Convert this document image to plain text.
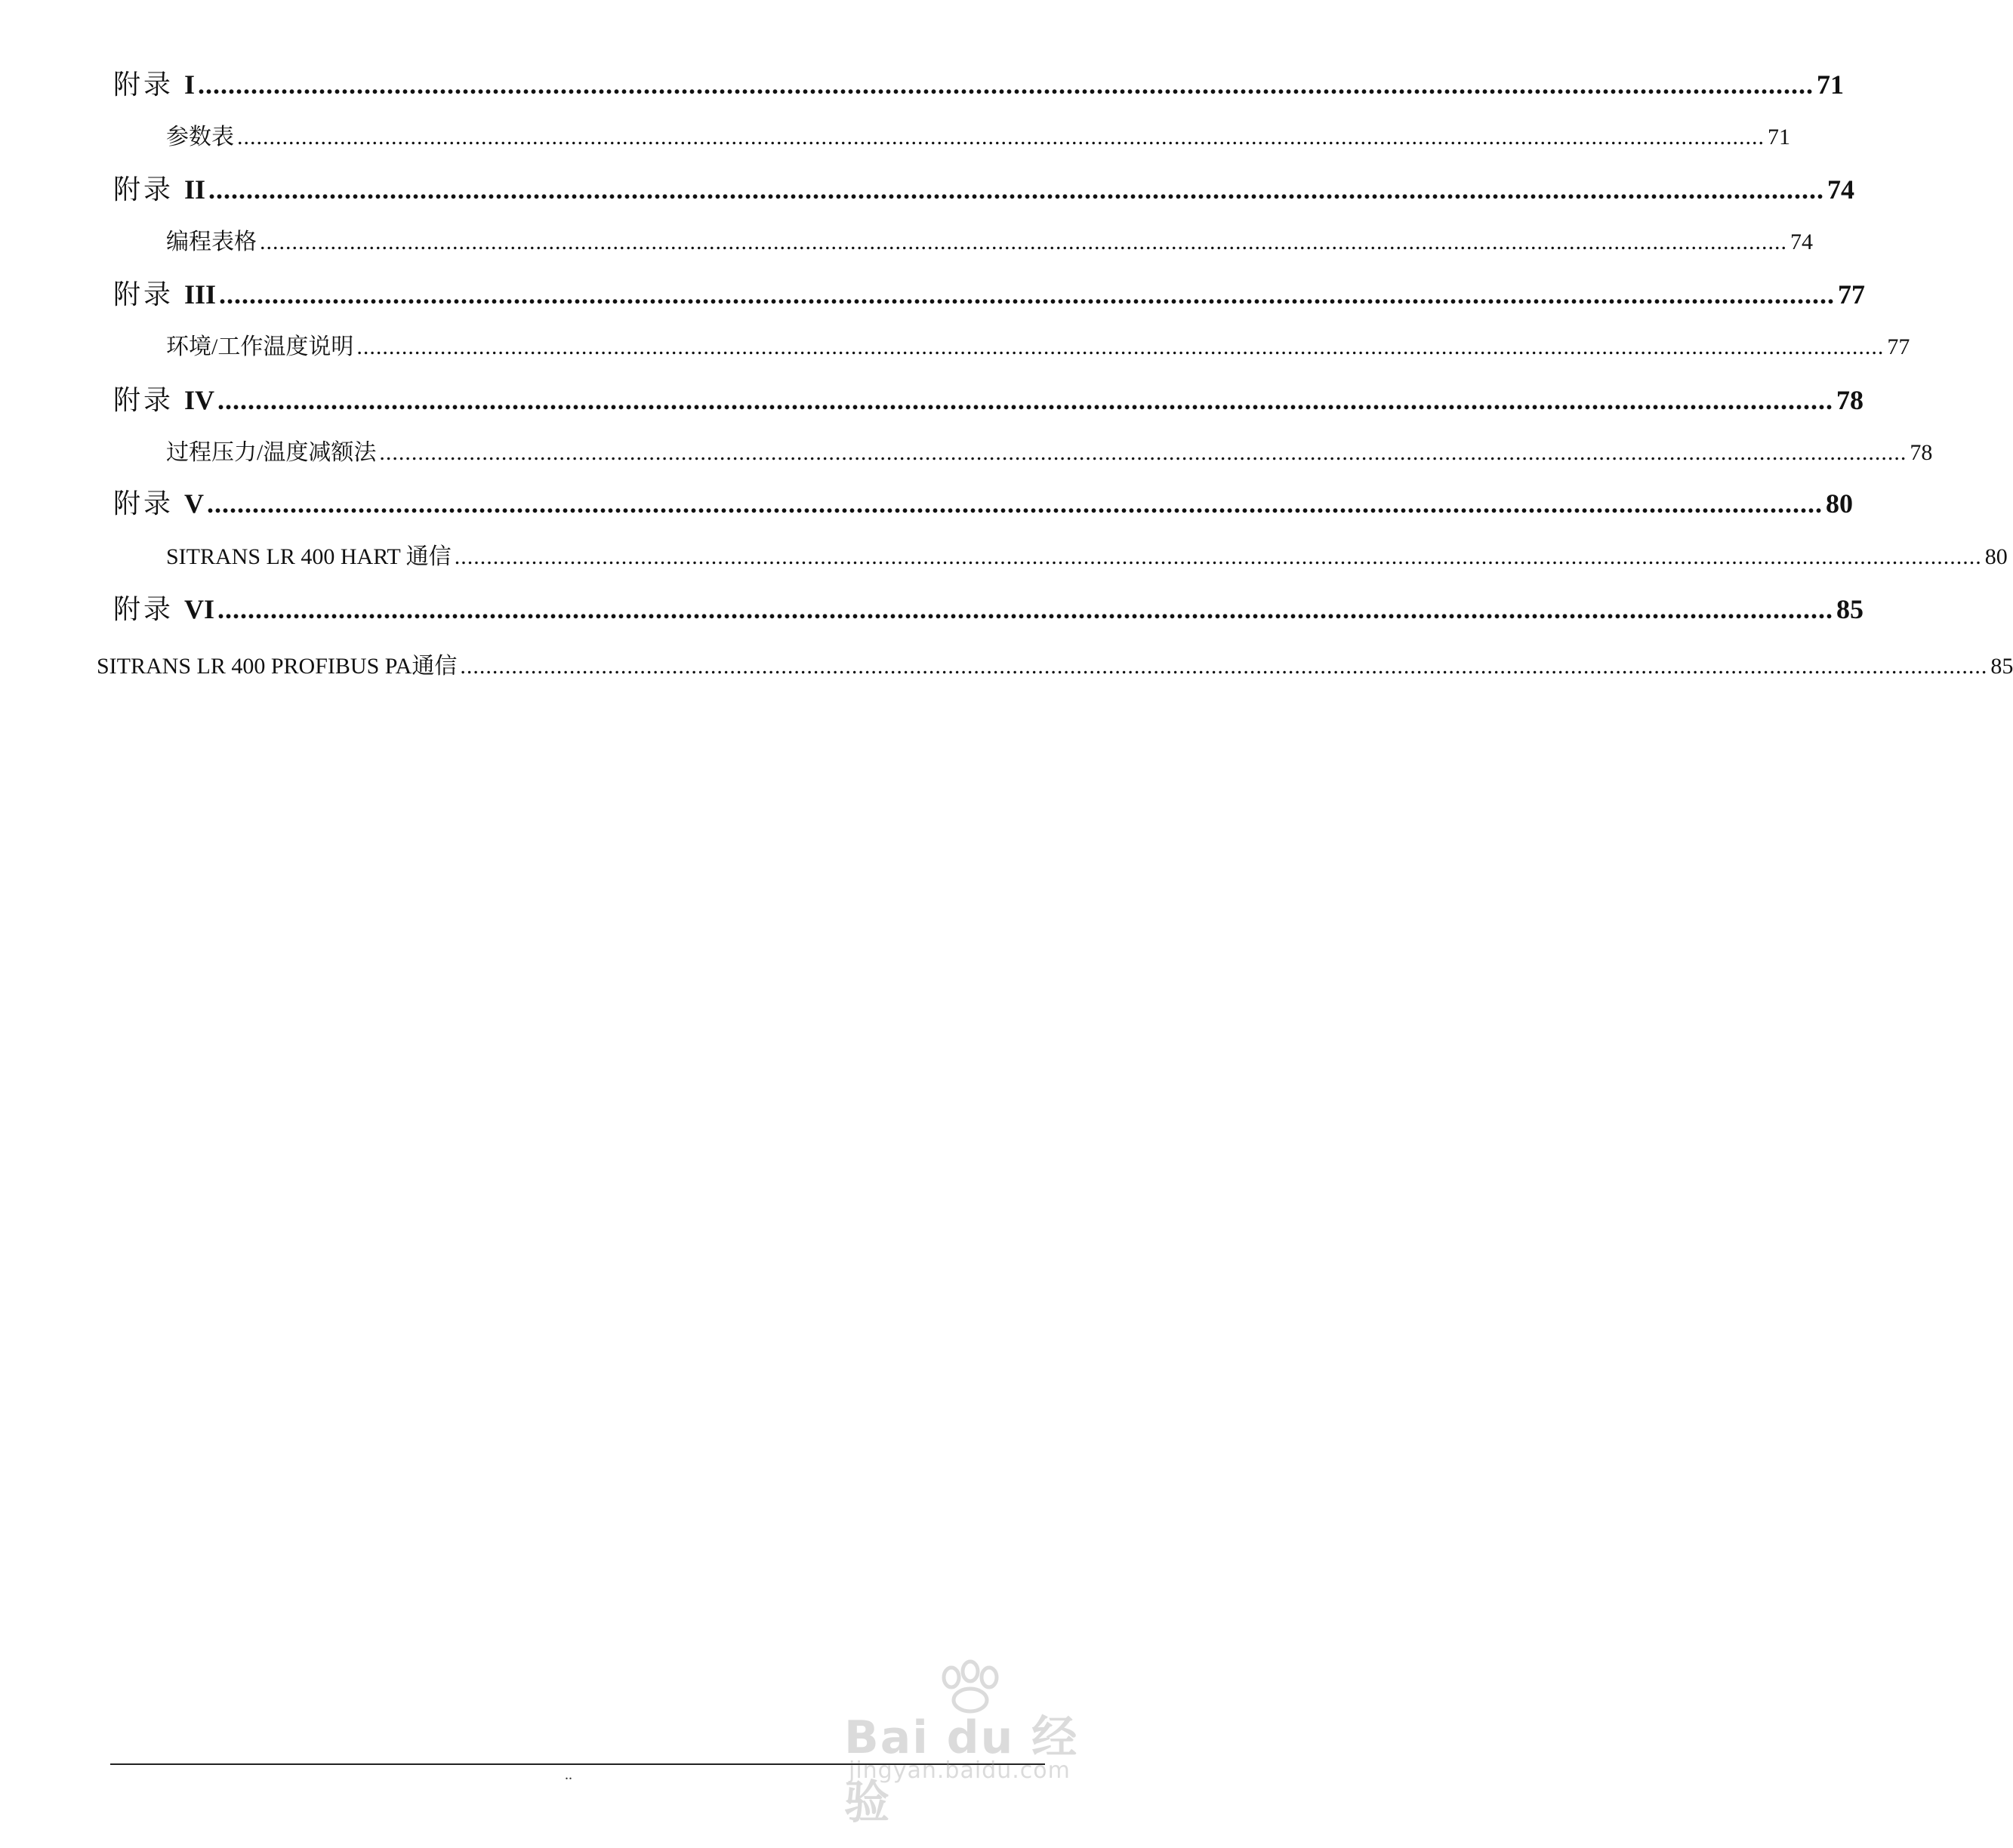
附录 I ...................................................................................................................................................................................................................... 71
参数表 .............................................................................................................................................................................................................................................. 71
附录 II ...................................................................................................................................................................................................................... 74
编程表格 .............................................................................................................................................................................................................................................. 74
附录 III ...................................................................................................................................................................................................................... 77
环境/工作温度说明 .............................................................................................................................................................................................................................................. 77
附录 IV ...................................................................................................................................................................................................................... 78
过程压力/温度减额法 .............................................................................................................................................................................................................................................. 78
附录 V ...................................................................................................................................................................................................................... 80
SITRANS LR 400 HART 通信 .............................................................................................................................................................................................................................................. 80
附录 VI ...................................................................................................................................................................................................................... 85
SITRANS LR 400 PROFIBUS PA通信 .............................................................................................................................................................................................................................................. 85
..
Bai du 经验
jingyan.baidu.com
